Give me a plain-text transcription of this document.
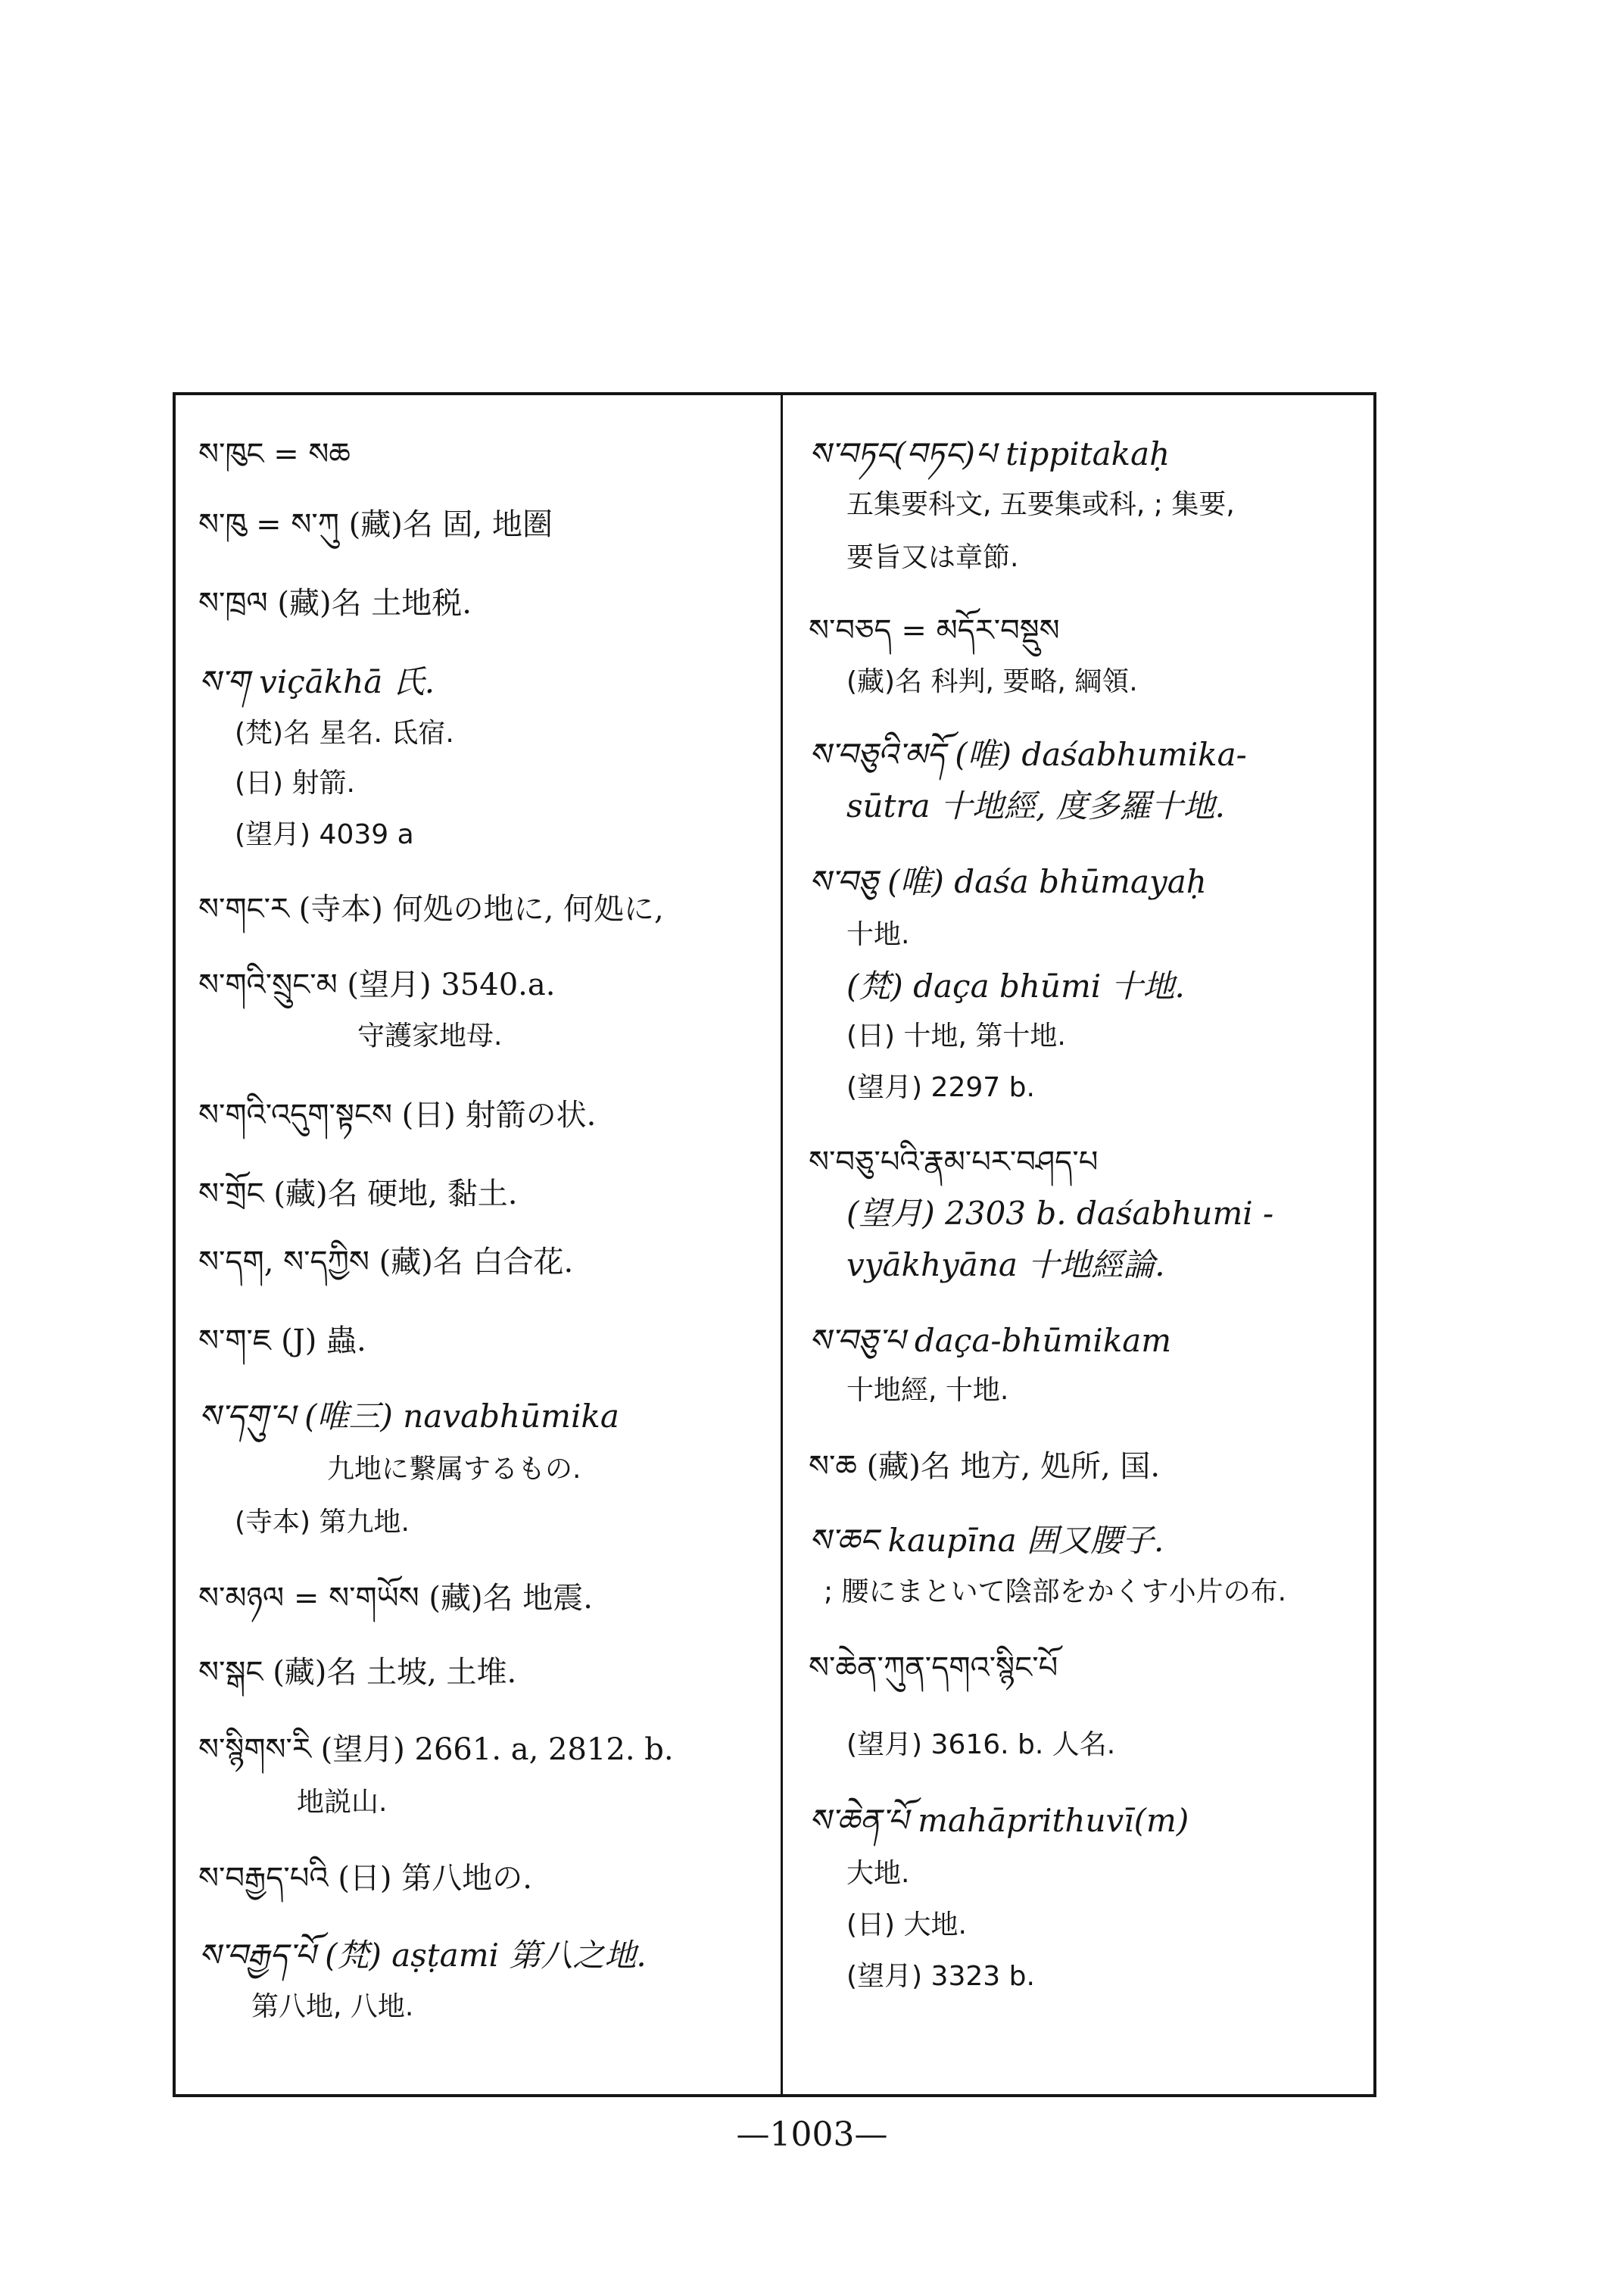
ས་ཁུང = སཆ
ས་ཁུ = ས་ཀུ (藏)名 固, 地圏
ས་ཁྲལ (藏)名 土地税.
ས་ག viçākhā 氏.
(梵)名 星名. 氐宿.
(日) 射箭.
(望月) 4039 a
ས་གང་ར (寺本) 何処の地に, 何処に,
ས་གའི་སྲུང་མ (望月) 3540.a.
守護家地母.
ས་གའི་འདུག་སྟངས (日) 射箭の状.
ས་གྲོང (藏)名 硬地, 黏土.
ས་དག, ས་དཀྱིས (藏)名 白合花.
ས་ག་ཇ (J) 蟲.
ས་དགུ་པ (唯三) navabhūmika
九地に繋属するもの.
(寺本) 第九地.
ས་མཉལ = ས་གཡོས (藏)名 地震.
ས་སྒང (藏)名 土坡, 土堆.
ས་སྙིགས་རི (望月) 2661. a, 2812. b.
地説山.
ས་བརྒྱད་པའི (日) 第八地の.
ས་བརྒྱད་པོ (梵) aṣṭami 第八之地.
第八地, 八地.
ས་བཏང(བཏང)པ tippitakaḥ
五集要科文, 五要集或科, ; 集要,
要旨又は章節.
ས་བཅད = མདོར་བསྡུས
(藏)名 科判, 要略, 綱領.
ས་བཅུའི་མདོ (唯) daśabhumika-
sūtra 十地經, 度多羅十地.
ས་བཅུ (唯) daśa bhūmayaḥ
十地.
(梵) daça bhūmi 十地.
(日) 十地, 第十地.
(望月) 2297 b.
ས་བཅུ་པའི་རྣམ་པར་བཤད་པ
(望月) 2303 b. daśabhumi -
vyākhyāna 十地經論.
ས་བཅུ་པ daça-bhūmikam
十地經, 十地.
ས་ཆ (藏)名 地方, 処所, 国.
ས་ཆང kaupīna 囲又腰子.
; 腰にまといて陰部をかくす小片の布.
ས་ཆེན་ཀུན་དགའ་སྙིང་པོ
(望月) 3616. b. 人名.
ས་ཆེན་པོ mahāprithuvī(m)
大地.
(日) 大地.
(望月) 3323 b.
—1003—
